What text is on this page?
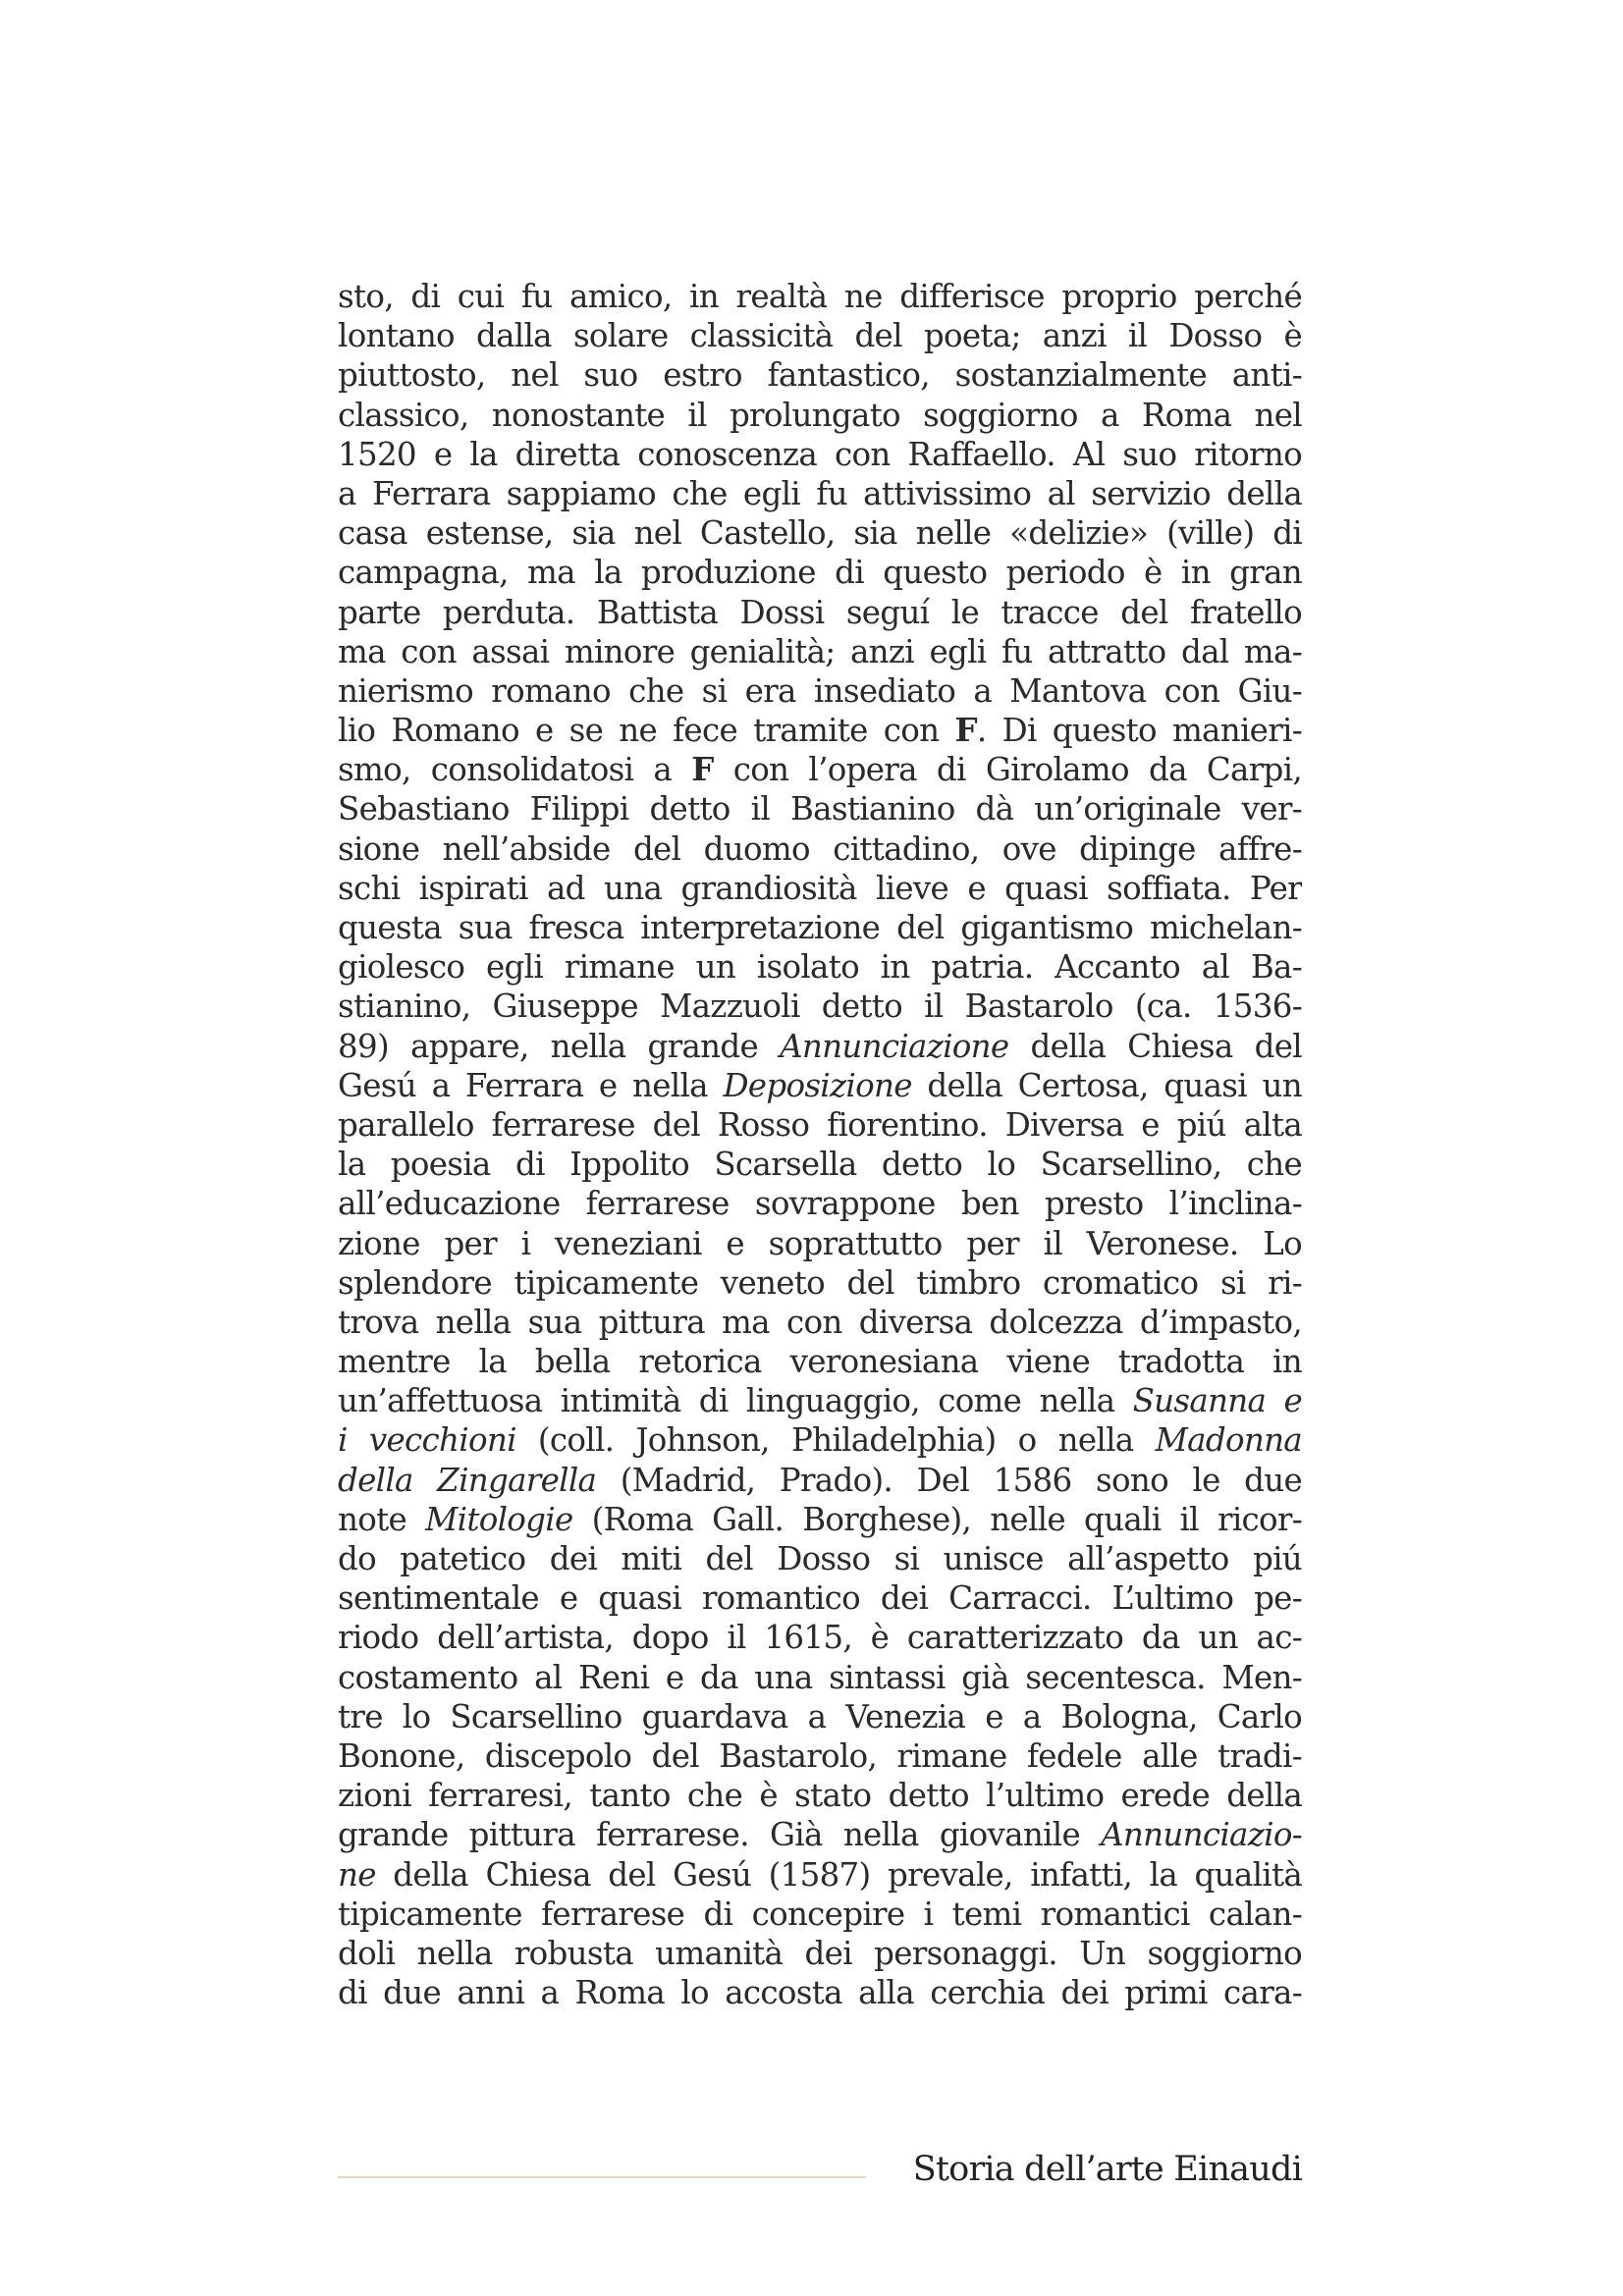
sto, di cui fu amico, in realtà ne differisce proprio perché
lontano dalla solare classicità del poeta; anzi il Dosso è
piuttosto, nel suo estro fantastico, sostanzialmente anti-
classico, nonostante il prolungato soggiorno a Roma nel
1520 e la diretta conoscenza con Raffaello. Al suo ritorno
a Ferrara sappiamo che egli fu attivissimo al servizio della
casa estense, sia nel Castello, sia nelle «delizie» (ville) di
campagna, ma la produzione di questo periodo è in gran
parte perduta. Battista Dossi seguí le tracce del fratello
ma con assai minore genialità; anzi egli fu attratto dal ma-
nierismo romano che si era insediato a Mantova con Giu-
lio Romano e se ne fece tramite con F. Di questo manieri-
smo, consolidatosi a F con l’opera di Girolamo da Carpi,
Sebastiano Filippi detto il Bastianino dà un’originale ver-
sione nell’abside del duomo cittadino, ove dipinge affre-
schi ispirati ad una grandiosità lieve e quasi soffiata. Per
questa sua fresca interpretazione del gigantismo michelan-
giolesco egli rimane un isolato in patria. Accanto al Ba-
stianino, Giuseppe Mazzuoli detto il Bastarolo (ca. 1536-
89) appare, nella grande Annunciazione della Chiesa del
Gesú a Ferrara e nella Deposizione della Certosa, quasi un
parallelo ferrarese del Rosso fiorentino. Diversa e piú alta
la poesia di Ippolito Scarsella detto lo Scarsellino, che
all’educazione ferrarese sovrappone ben presto l’inclina-
zione per i veneziani e soprattutto per il Veronese. Lo
splendore tipicamente veneto del timbro cromatico si ri-
trova nella sua pittura ma con diversa dolcezza d’impasto,
mentre la bella retorica veronesiana viene tradotta in
un’affettuosa intimità di linguaggio, come nella Susanna e
i vecchioni (coll. Johnson, Philadelphia) o nella Madonna
della Zingarella (Madrid, Prado). Del 1586 sono le due
note Mitologie (Roma Gall. Borghese), nelle quali il ricor-
do patetico dei miti del Dosso si unisce all’aspetto piú
sentimentale e quasi romantico dei Carracci. L’ultimo pe-
riodo dell’artista, dopo il 1615, è caratterizzato da un ac-
costamento al Reni e da una sintassi già secentesca. Men-
tre lo Scarsellino guardava a Venezia e a Bologna, Carlo
Bonone, discepolo del Bastarolo, rimane fedele alle tradi-
zioni ferraresi, tanto che è stato detto l’ultimo erede della
grande pittura ferrarese. Già nella giovanile Annunciazio-
ne della Chiesa del Gesú (1587) prevale, infatti, la qualità
tipicamente ferrarese di concepire i temi romantici calan-
doli nella robusta umanità dei personaggi. Un soggiorno
di due anni a Roma lo accosta alla cerchia dei primi cara-
Storia dell’arte Einaudi
